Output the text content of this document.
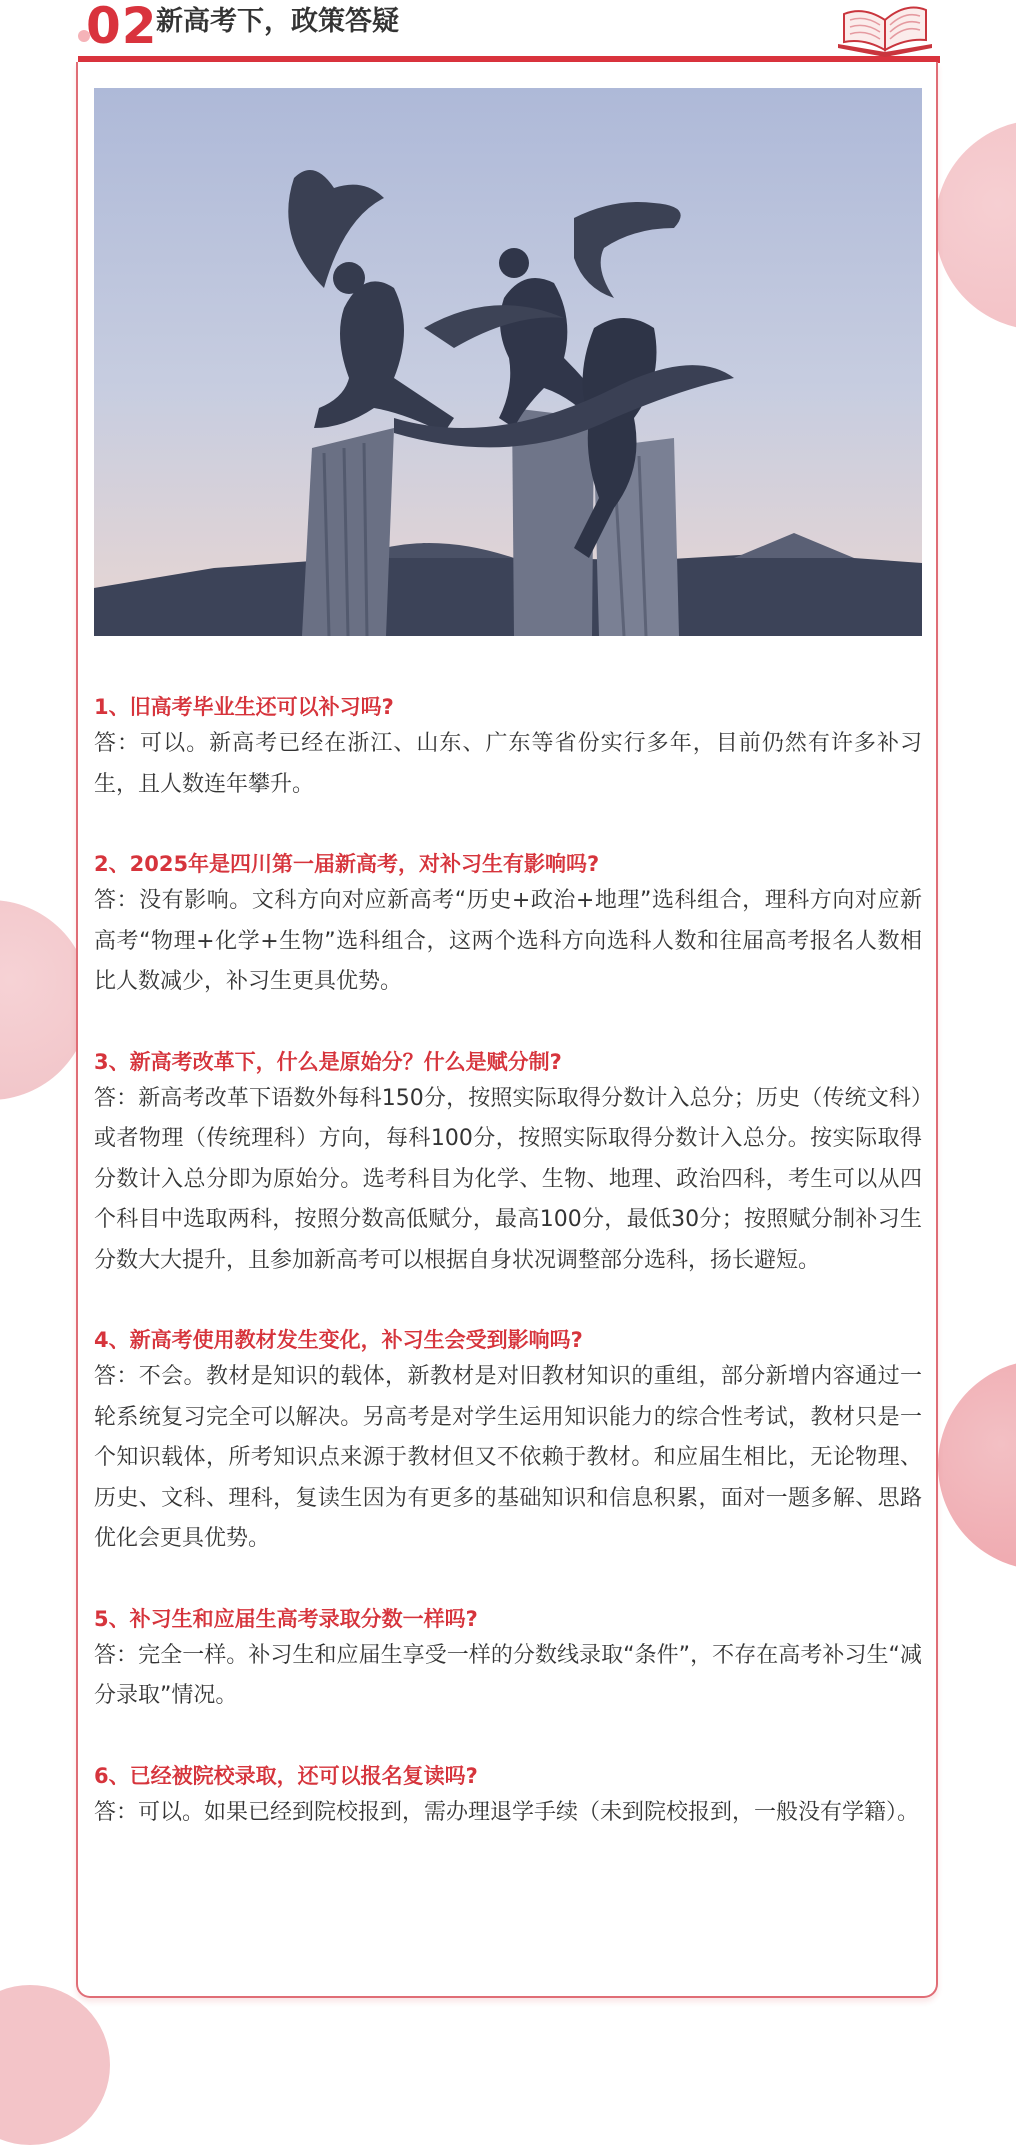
02
新高考下，政策答疑
1、旧高考毕业生还可以补习吗?
答：可以。新高考已经在浙江、山东、广东等省份实行多年，目前仍然有许多补习生，且人数连年攀升。
2、2025年是四川第一届新高考，对补习生有影响吗?
答：没有影响。文科方向对应新高考“历史+政治+地理”选科组合，理科方向对应新高考“物理+化学+生物”选科组合，这两个选科方向选科人数和往届高考报名人数相比人数减少，补习生更具优势。
3、新高考改革下，什么是原始分？什么是赋分制?
答：新高考改革下语数外每科150分，按照实际取得分数计入总分；历史（传统文科）或者物理（传统理科）方向，每科100分，按照实际取得分数计入总分。按实际取得分数计入总分即为原始分。选考科目为化学、生物、地理、政治四科，考生可以从四个科目中选取两科，按照分数高低赋分，最高100分，最低30分；按照赋分制补习生分数大大提升，且参加新高考可以根据自身状况调整部分选科，扬长避短。
4、新高考使用教材发生变化，补习生会受到影响吗?
答：不会。教材是知识的载体，新教材是对旧教材知识的重组，部分新增内容通过一轮系统复习完全可以解决。另高考是对学生运用知识能力的综合性考试，教材只是一个知识载体，所考知识点来源于教材但又不依赖于教材。和应届生相比，无论物理、历史、文科、理科，复读生因为有更多的基础知识和信息积累，面对一题多解、思路优化会更具优势。
5、补习生和应届生高考录取分数一样吗?
答：完全一样。补习生和应届生享受一样的分数线录取“条件”，不存在高考补习生“减分录取”情况。
6、已经被院校录取，还可以报名复读吗?
答：可以。如果已经到院校报到，需办理退学手续（未到院校报到，一般没有学籍）。
